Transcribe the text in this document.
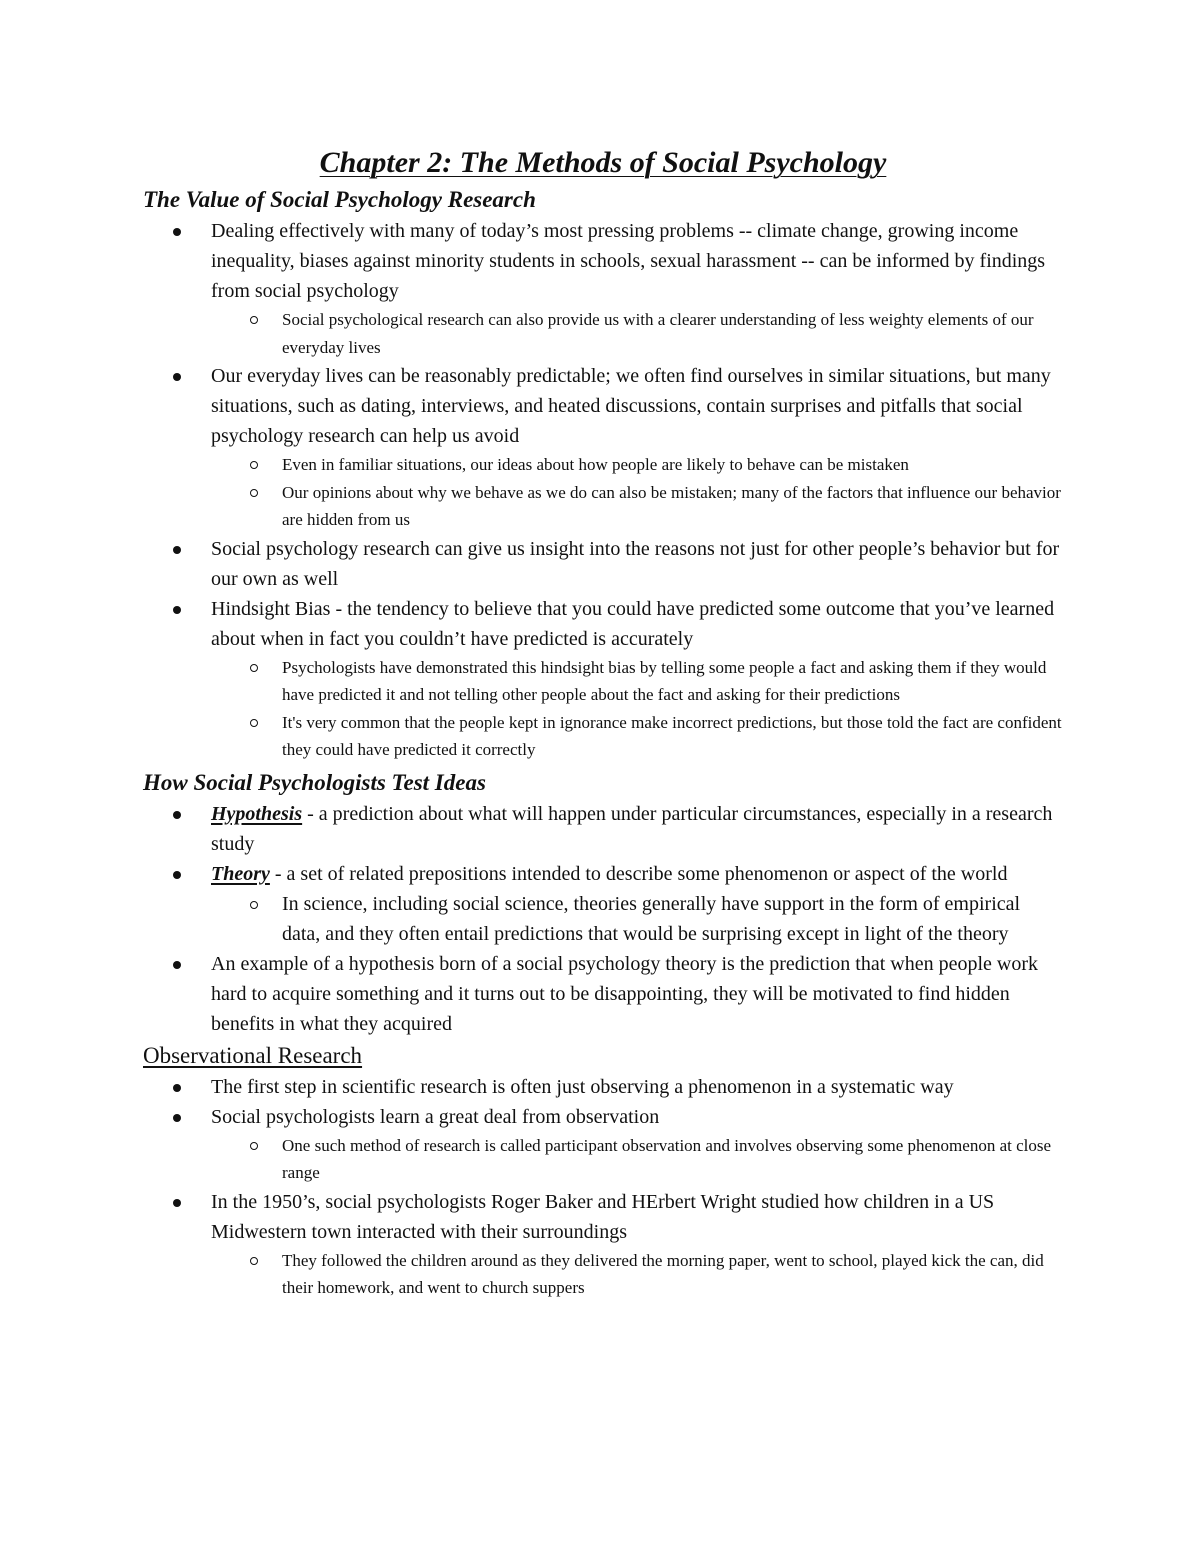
Chapter 2: The Methods of Social Psychology
The Value of Social Psychology Research
Dealing effectively with many of today’s most pressing problems -- climate change, growing income inequality, biases against minority students in schools, sexual harassment -- can be informed by findings from social psychology
Social psychological research can also provide us with a clearer understanding of less weighty elements of our everyday lives
Our everyday lives can be reasonably predictable; we often find ourselves in similar situations, but many situations, such as dating, interviews, and heated discussions, contain surprises and pitfalls that social psychology research can help us avoid
Even in familiar situations, our ideas about how people are likely to behave can be mistaken
Our opinions about why we behave as we do can also be mistaken; many of the factors that influence our behavior are hidden from us
Social psychology research can give us insight into the reasons not just for other people’s behavior but for our own as well
Hindsight Bias - the tendency to believe that you could have predicted some outcome that you’ve learned about when in fact you couldn’t have predicted is accurately
Psychologists have demonstrated this hindsight bias by telling some people a fact and asking them if they would have predicted it and not telling other people about the fact and asking for their predictions
It's very common that the people kept in ignorance make incorrect predictions, but those told the fact are confident they could have predicted it correctly
How Social Psychologists Test Ideas
Hypothesis - a prediction about what will happen under particular circumstances, especially in a research study
Theory - a set of related prepositions intended to describe some phenomenon or aspect of the world
In science, including social science, theories generally have support in the form of empirical data, and they often entail predictions that would be surprising except in light of the theory
An example of a hypothesis born of a social psychology theory is the prediction that when people work hard to acquire something and it turns out to be disappointing, they will be motivated to find hidden benefits in what they acquired
Observational Research
The first step in scientific research is often just observing a phenomenon in a systematic way
Social psychologists learn a great deal from observation
One such method of research is called participant observation and involves observing some phenomenon at close range
In the 1950’s, social psychologists Roger Baker and HErbert Wright studied how children in a US Midwestern town interacted with their surroundings
They followed the children around as they delivered the morning paper, went to school, played kick the can, did their homework, and went to church suppers
